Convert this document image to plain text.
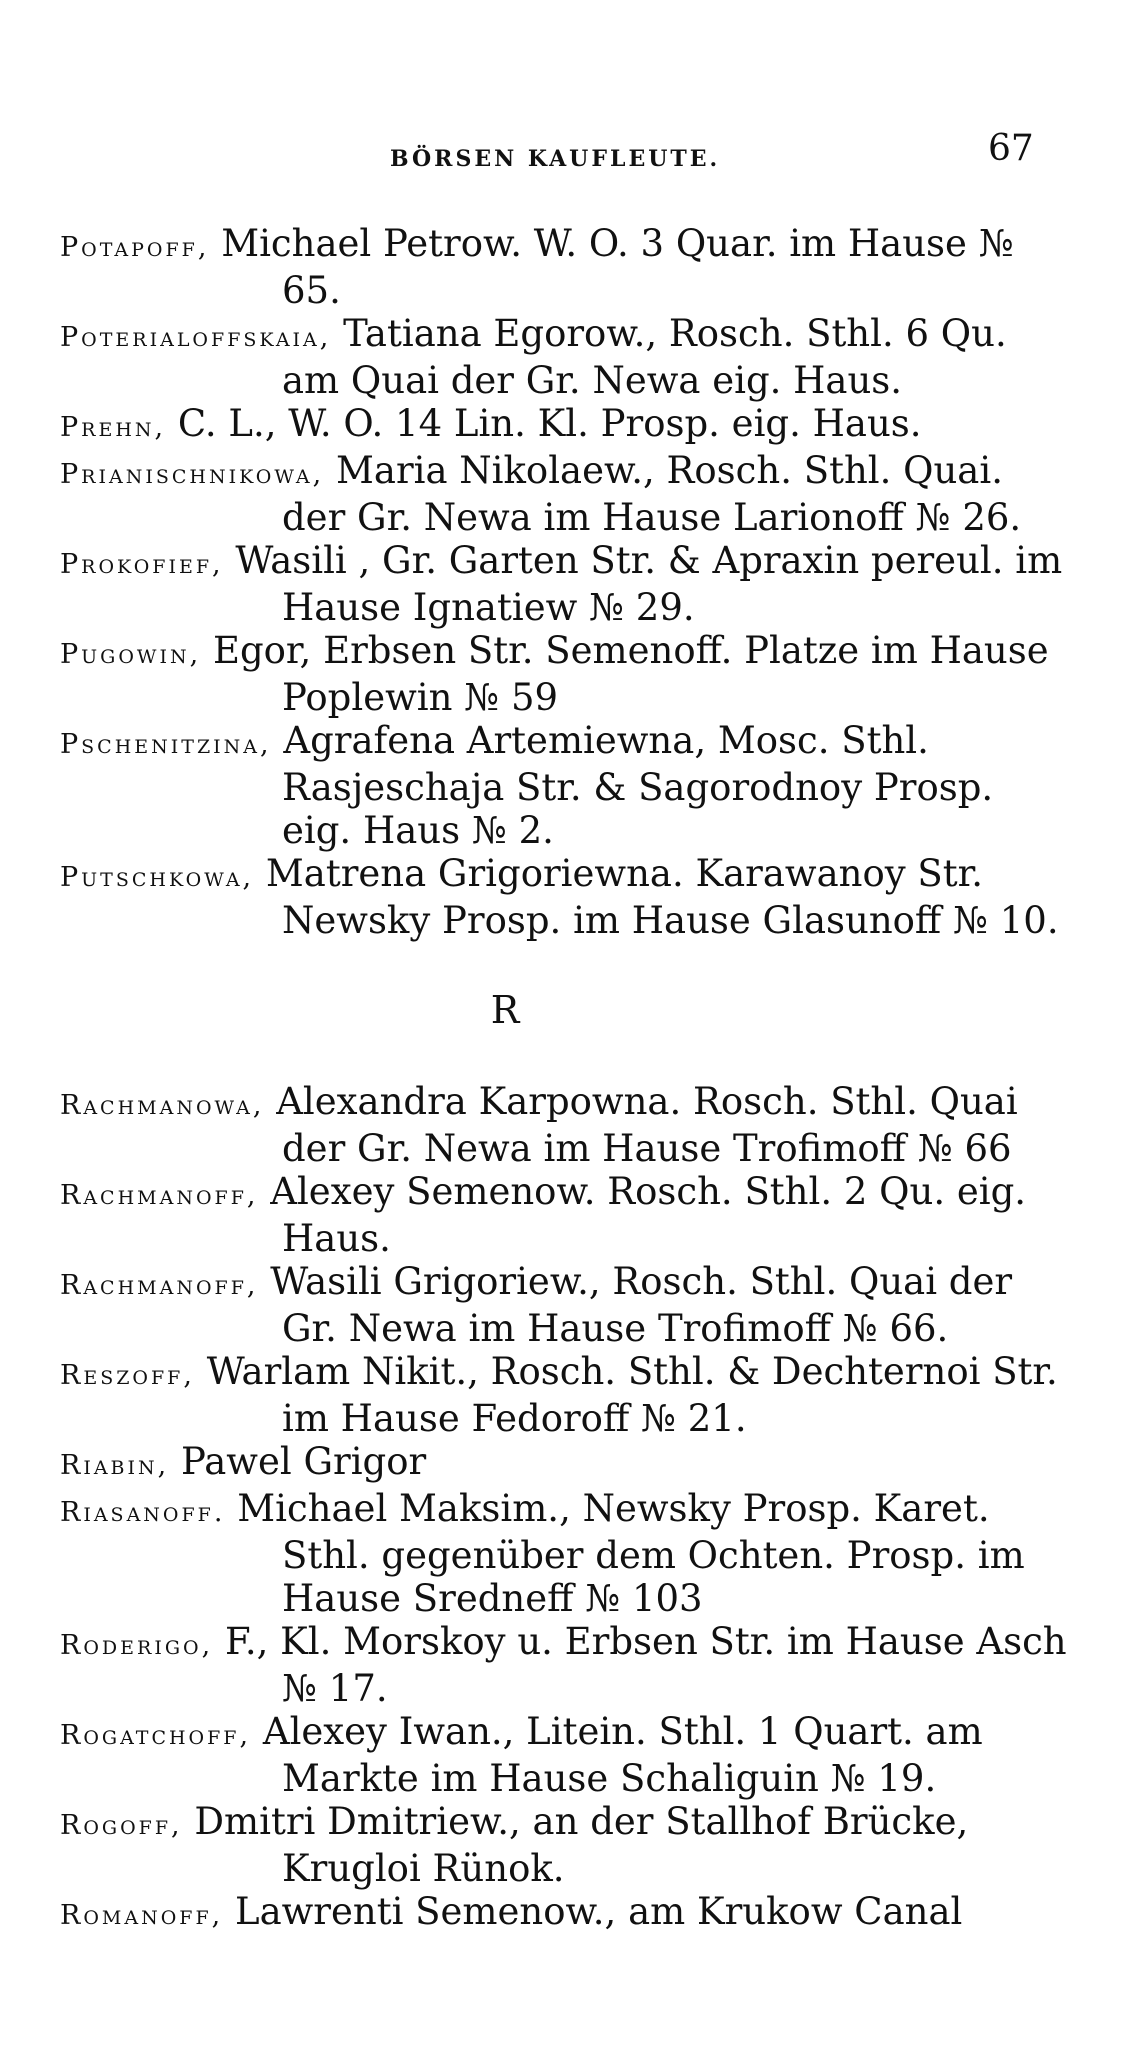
BÖRSEN KAUFLEUTE.	67

Potapoff, Michael Petrow. W. O. 3 Quar. im Hause № 65.

Poterialoffskaia, Tatiana Egorow., Rosch. Sthl. 6 Qu. am Quai der Gr. Newa eig. Haus.

Prehn, C. L., W. O. 14 Lin. Kl. Prosp. eig. Haus.

Prianischnikowa, Maria Nikolaew., Rosch. Sthl. Quai. der Gr. Newa im Hause Larionoff № 26.

Prokofief, Wasili , Gr. Garten Str. & Apraxin pereul. im Hause Ignatiew № 29.

Pugowin, Egor, Erbsen Str. Semenoff. Platze im Hause Poplewin № 59

Pschenitzina, Agrafena Artemiewna, Mosc. Sthl. Rasjeschaja Str. & Sagorodnoy Prosp. eig. Haus № 2.

Putschkowa, Matrena Grigoriewna. Karawanoy Str. Newsky Prosp. im Hause Glasunoff № 10.

R

Rachmanowa, Alexandra Karpowna. Rosch. Sthl. Quai der Gr. Newa im Hause Trofimoff № 66

Rachmanoff, Alexey Semenow. Rosch. Sthl. 2 Qu. eig. Haus.

Rachmanoff, Wasili Grigoriew., Rosch. Sthl. Quai der Gr. Newa im Hause Trofimoff № 66.

Reszoff, Warlam Nikit., Rosch. Sthl. & Dechternoi Str. im Hause Fedoroff № 21.

Riabin, Pawel Grigor

Riasanoff. Michael Maksim., Newsky Prosp. Karet. Sthl. gegenüber dem Ochten. Prosp. im Hause Sredneff № 103

Roderigo, F., Kl. Morskoy u. Erbsen Str. im Hause Asch № 17.

Rogatchoff, Alexey Iwan., Litein. Sthl. 1 Quart. am Markte im Hause Schaliguin № 19.

Rogoff, Dmitri Dmitriew., an der Stallhof Brücke, Krugloi Rünok.

Romanoff, Lawrenti Semenow., am Krukow Canal
